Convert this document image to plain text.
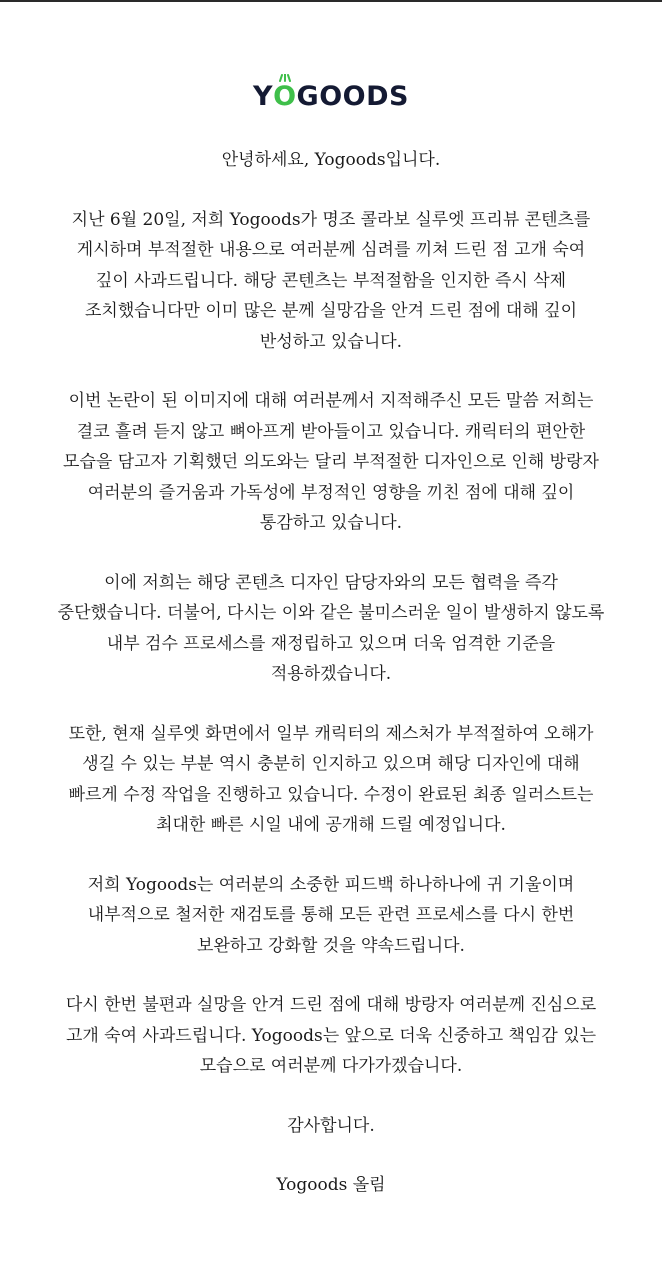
Y
OGOODS

안녕하세요, Yogoods입니다.

지난 6월 20일, 저희 Yogoods가 명조 콜라보 실루엣 프리뷰 콘텐츠를
게시하며 부적절한 내용으로 여러분께 심려를 끼쳐 드린 점 고개 숙여
깊이 사과드립니다. 해당 콘텐츠는 부적절함을 인지한 즉시 삭제
조치했습니다만 이미 많은 분께 실망감을 안겨 드린 점에 대해 깊이
반성하고 있습니다.

이번 논란이 된 이미지에 대해 여러분께서 지적해주신 모든 말씀 저희는
결코 흘려 듣지 않고 뼈아프게 받아들이고 있습니다. 캐릭터의 편안한
모습을 담고자 기획했던 의도와는 달리 부적절한 디자인으로 인해 방랑자
여러분의 즐거움과 가독성에 부정적인 영향을 끼친 점에 대해 깊이
통감하고 있습니다.

이에 저희는 해당 콘텐츠 디자인 담당자와의 모든 협력을 즉각
중단했습니다. 더불어, 다시는 이와 같은 불미스러운 일이 발생하지 않도록
내부 검수 프로세스를 재정립하고 있으며 더욱 엄격한 기준을
적용하겠습니다.

또한, 현재 실루엣 화면에서 일부 캐릭터의 제스처가 부적절하여 오해가
생길 수 있는 부분 역시 충분히 인지하고 있으며 해당 디자인에 대해
빠르게 수정 작업을 진행하고 있습니다. 수정이 완료된 최종 일러스트는
최대한 빠른 시일 내에 공개해 드릴 예정입니다.

저희 Yogoods는 여러분의 소중한 피드백 하나하나에 귀 기울이며
내부적으로 철저한 재검토를 통해 모든 관련 프로세스를 다시 한번
보완하고 강화할 것을 약속드립니다.

다시 한번 불편과 실망을 안겨 드린 점에 대해 방랑자 여러분께 진심으로
고개 숙여 사과드립니다. Yogoods는 앞으로 더욱 신중하고 책임감 있는
모습으로 여러분께 다가가겠습니다.

감사합니다.

Yogoods 올림
